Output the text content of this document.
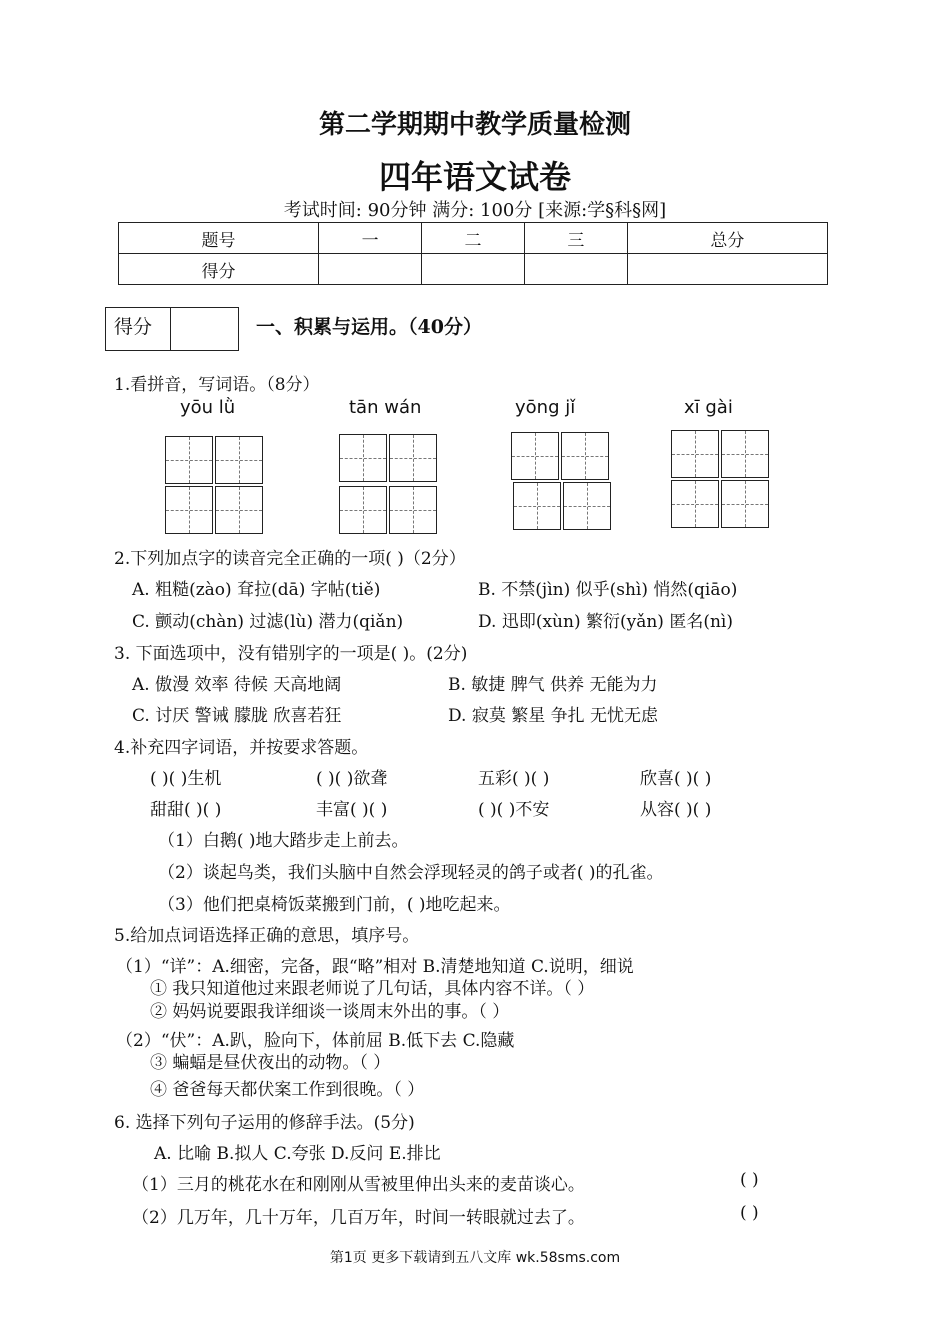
第二学期期中教学质量检测
四年语文试卷
考试时间: 90分钟 满分: 100分 [来源:学§科§网]
题号	一	二	三	总分
得分				
得分	一、积累与运用。（40分）
1.看拼音，写词语。（8分）
yōu lǜ	tān wán	yōng jǐ	xī gài
2.下列加点字的读音完全正确的一项( )（2分）
A. 粗糙(zào) 耷拉(dā) 字帖(tiě)	B. 不禁(jìn) 似乎(shì) 悄然(qiāo)
C. 颤动(chàn) 过滤(lù) 潜力(qiǎn)	D. 迅即(xùn) 繁衍(yǎn) 匿名(nì)
3. 下面选项中，没有错别字的一项是( )。(2分)
A. 傲漫 效率 待候 天高地阔	B. 敏捷 脾气 供养 无能为力
C. 讨厌 警诫 朦胧 欣喜若狂	D. 寂莫 繁星 争扎 无忧无虑
4.补充四字词语，并按要求答题。
( )( )生机	( )( )欲聋	五彩( )( )	欣喜( )( )
甜甜( )( )	丰富( )( )	( )( )不安	从容( )( )
（1）白鹅( )地大踏步走上前去。
（2）谈起鸟类，我们头脑中自然会浮现轻灵的鸽子或者( )的孔雀。
（3）他们把桌椅饭菜搬到门前，( )地吃起来。
5.给加点词语选择正确的意思，填序号。
（1）“详”：A.细密，完备，跟“略”相对 B.清楚地知道 C.说明，细说
① 我只知道他过来跟老师说了几句话，具体内容不详。（ ）
② 妈妈说要跟我详细谈一谈周末外出的事。（ ）
（2）“伏”：A.趴，脸向下，体前屈 B.低下去 C.隐藏
③ 蝙蝠是昼伏夜出的动物。（ ）
④ 爸爸每天都伏案工作到很晚。（ ）
6. 选择下列句子运用的修辞手法。(5分)
A. 比喻 B.拟人 C.夸张 D.反问 E.排比
（1）三月的桃花水在和刚刚从雪被里伸出头来的麦苗谈心。	( )
（2）几万年，几十万年，几百万年，时间一转眼就过去了。	( )
第1页 更多下载请到五八文库 wk.58sms.com
